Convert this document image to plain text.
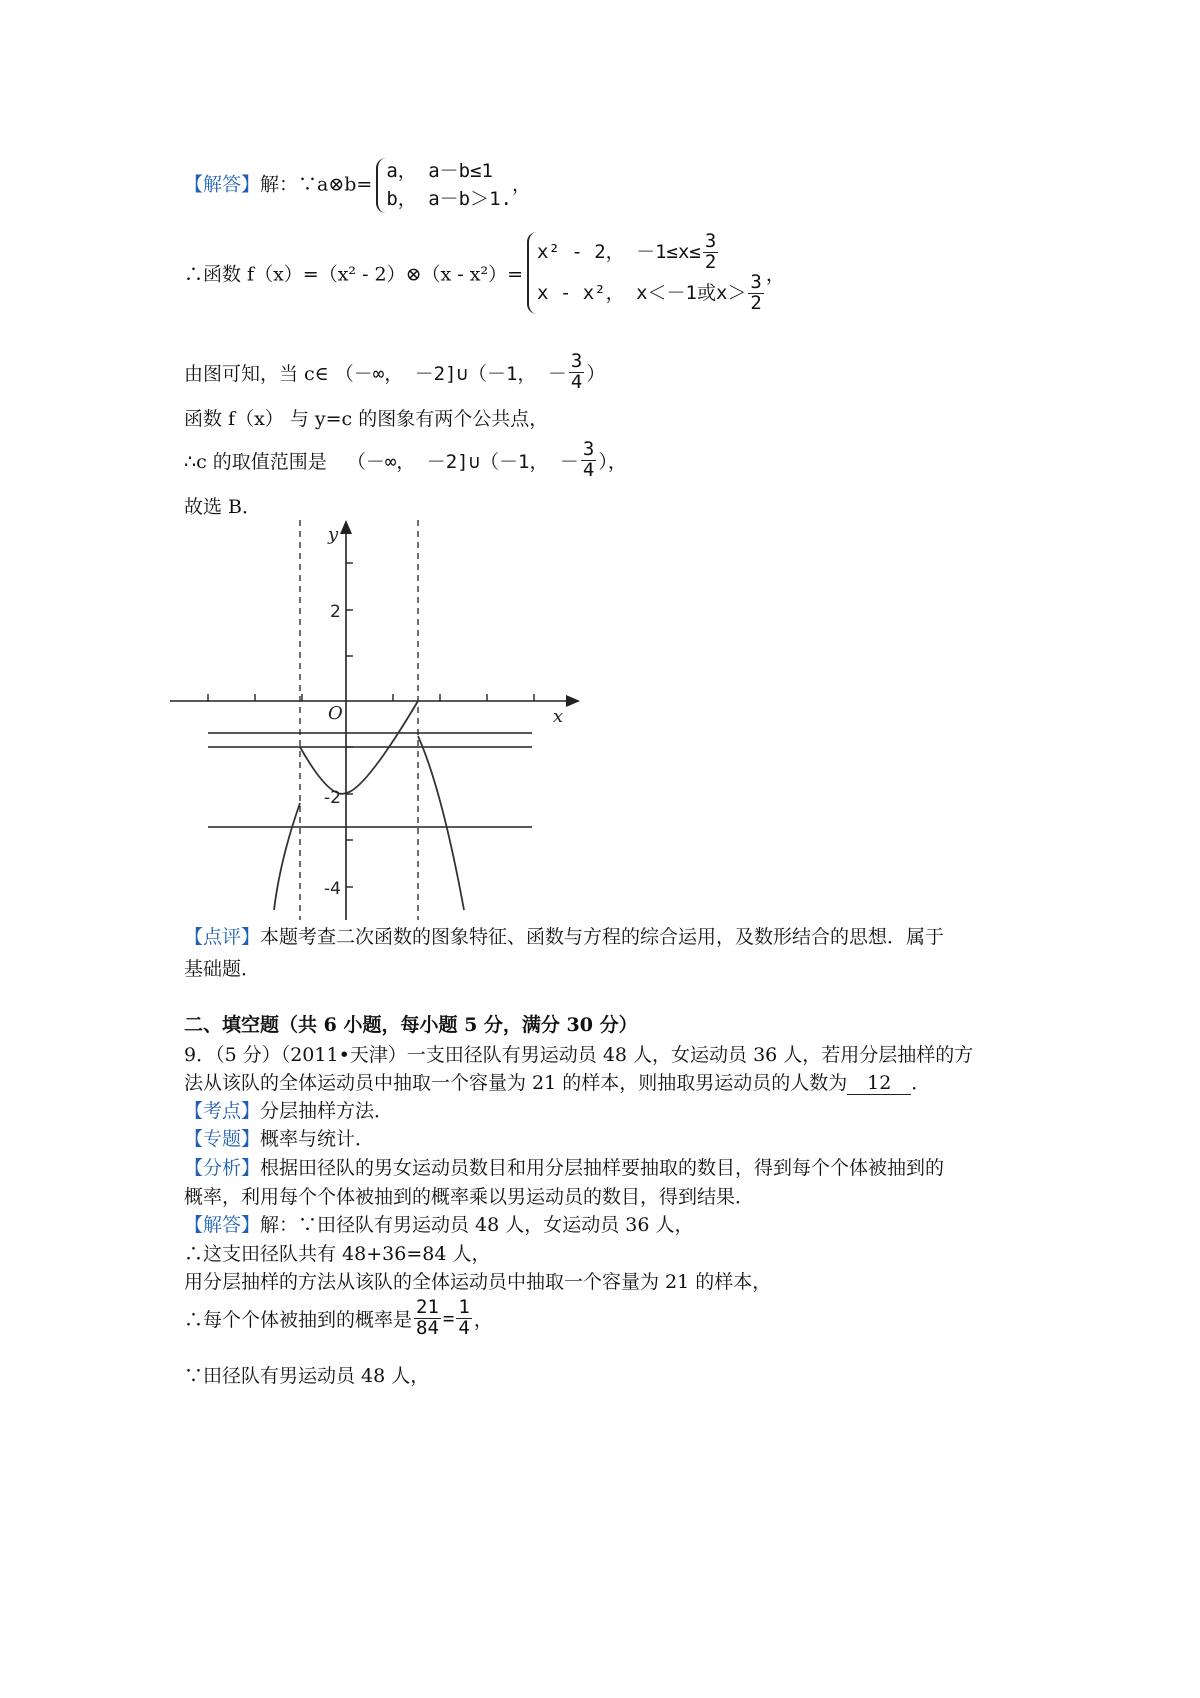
【解答】解：∵a⊗b=a， a－b≤1
b， a－b＞1.，
∴函数 f（x）=（x² - 2）⊗（x - x²）=x² - 2， $-1\le x\le \frac{3}{2}$

x - x²， x＜－1或$x> \frac{3}{2}$ ，
由图可知，当 c∈ （－∞， －2]∪（－1， － $\frac{3}{4}$ ）
函数 f（x） 与 y=c 的图象有两个公共点，
∴c 的取值范围是 （－∞， －2]∪（－1， － $\frac{3}{4}$ ），
故选 B．
y
x
O
2
-2
-4
【点评】本题考查二次函数的图象特征、函数与方程的综合运用，及数形结合的思想．属于
基础题．
二、填空题（共 6 小题，每小题 5 分，满分 30 分）
9．（5 分）（2011•天津）一支田径队有男运动员 48 人，女运动员 36 人，若用分层抽样的方
法从该队的全体运动员中抽取一个容量为 21 的样本，则抽取男运动员的人数为 12 ．
【考点】分层抽样方法．
【专题】概率与统计．
【分析】根据田径队的男女运动员数目和用分层抽样要抽取的数目，得到每个个体被抽到的
概率，利用每个个体被抽到的概率乘以男运动员的数目，得到结果．
【解答】解：∵田径队有男运动员 48 人，女运动员 36 人，
∴这支田径队共有 48+36=84 人，
用分层抽样的方法从该队的全体运动员中抽取一个容量为 21 的样本，
∴每个个体被抽到的概率是 $\frac{21}{84} = \frac{1}{4}$ ，
∵田径队有男运动员 48 人，
